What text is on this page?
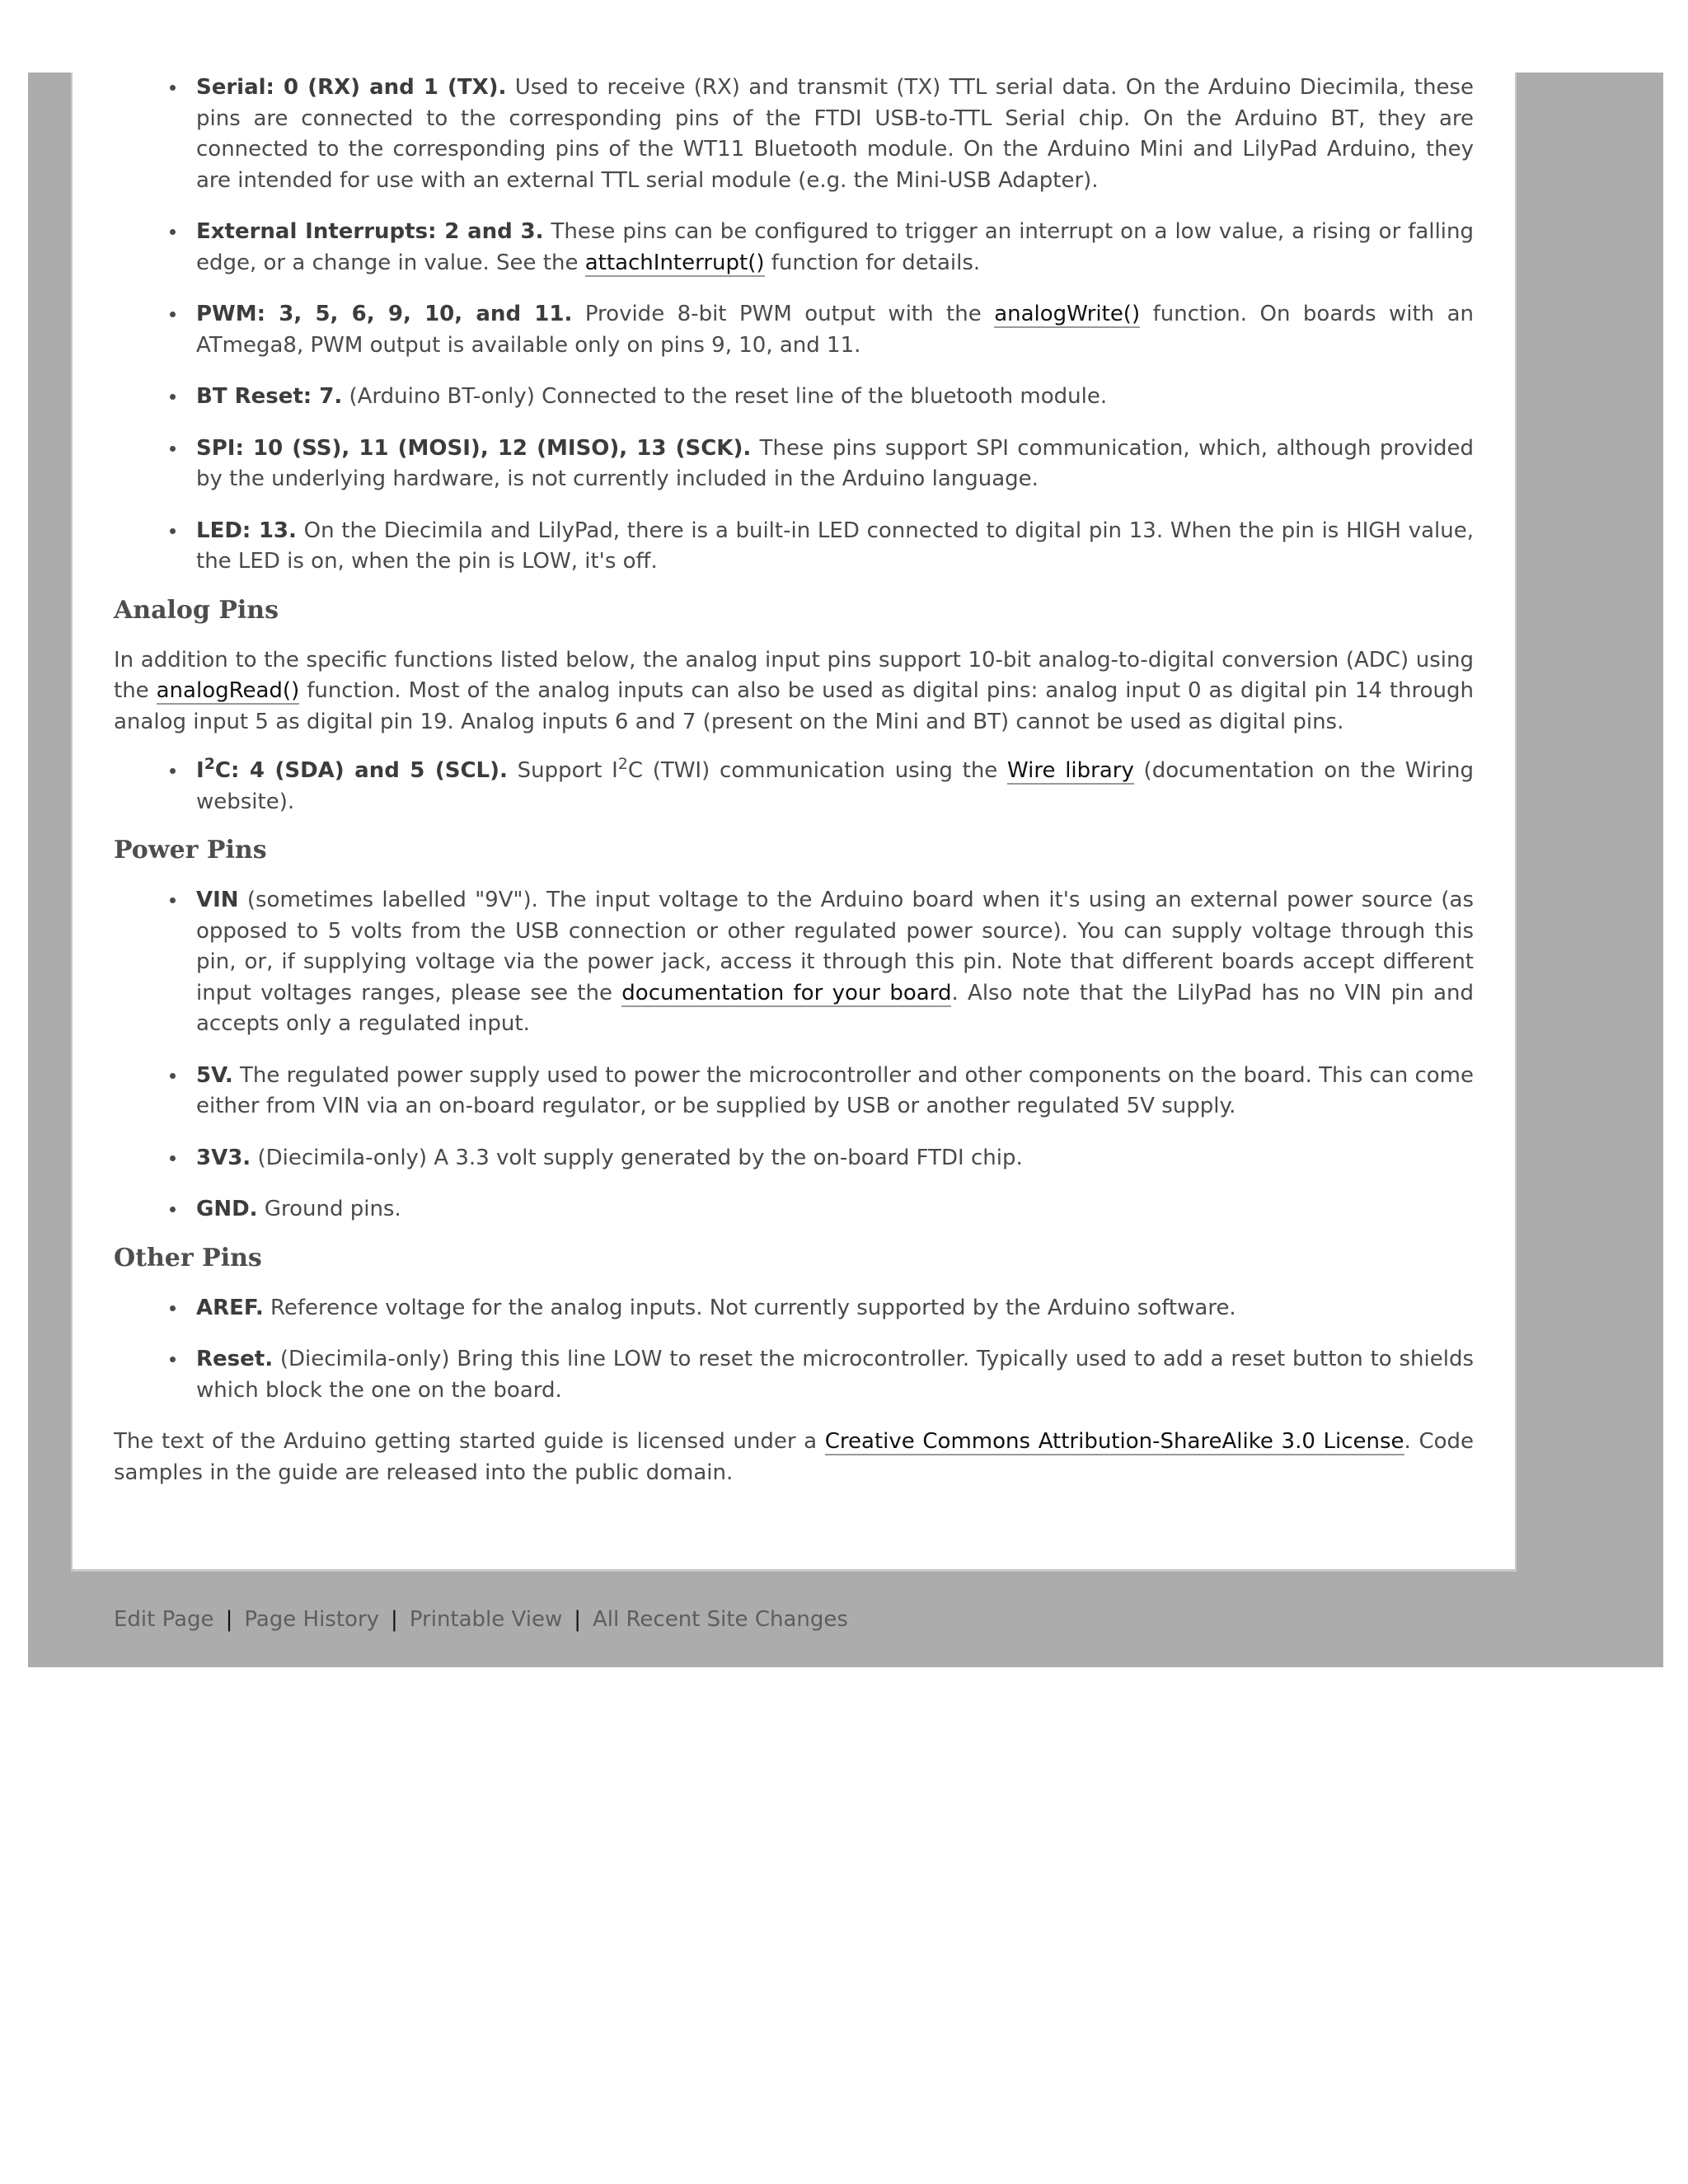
Serial: 0 (RX) and 1 (TX). Used to receive (RX) and transmit (TX) TTL serial data. On the Arduino Diecimila, these pins are connected to the corresponding pins of the FTDI USB-to-TTL Serial chip. On the Arduino BT, they are connected to the corresponding pins of the WT11 Bluetooth module. On the Arduino Mini and LilyPad Arduino, they are intended for use with an external TTL serial module (e.g. the Mini-USB Adapter).
External Interrupts: 2 and 3. These pins can be configured to trigger an interrupt on a low value, a rising or falling edge, or a change in value. See the attachInterrupt() function for details.
PWM: 3, 5, 6, 9, 10, and 11. Provide 8-bit PWM output with the analogWrite() function. On boards with an ATmega8, PWM output is available only on pins 9, 10, and 11.
BT Reset: 7. (Arduino BT-only) Connected to the reset line of the bluetooth module.
SPI: 10 (SS), 11 (MOSI), 12 (MISO), 13 (SCK). These pins support SPI communication, which, although provided by the underlying hardware, is not currently included in the Arduino language.
LED: 13. On the Diecimila and LilyPad, there is a built-in LED connected to digital pin 13. When the pin is HIGH value, the LED is on, when the pin is LOW, it's off.
Analog Pins

In addition to the specific functions listed below, the analog input pins support 10-bit analog-to-digital conversion (ADC) using the analogRead() function. Most of the analog inputs can also be used as digital pins: analog input 0 as digital pin 14 through analog input 5 as digital pin 19. Analog inputs 6 and 7 (present on the Mini and BT) cannot be used as digital pins.

$I^2C$: 4 (SDA) and 5 (SCL). Support $I^2C$ (TWI) communication using the Wire library (documentation on the Wiring website).
Power Pins
VIN (sometimes labelled "9V"). The input voltage to the Arduino board when it's using an external power source (as opposed to 5 volts from the USB connection or other regulated power source). You can supply voltage through this pin, or, if supplying voltage via the power jack, access it through this pin. Note that different boards accept different input voltages ranges, please see the documentation for your board. Also note that the LilyPad has no VIN pin and accepts only a regulated input.
5V. The regulated power supply used to power the microcontroller and other components on the board. This can come either from VIN via an on-board regulator, or be supplied by USB or another regulated 5V supply.
3V3. (Diecimila-only) A 3.3 volt supply generated by the on-board FTDI chip.
GND. Ground pins.
Other Pins
AREF. Reference voltage for the analog inputs. Not currently supported by the Arduino software.
Reset. (Diecimila-only) Bring this line LOW to reset the microcontroller. Typically used to add a reset button to shields which block the one on the board.

The text of the Arduino getting started guide is licensed under a Creative Commons Attribution-ShareAlike 3.0 License. Code samples in the guide are released into the public domain.

Edit Page | Page History | Printable View | All Recent Site Changes
